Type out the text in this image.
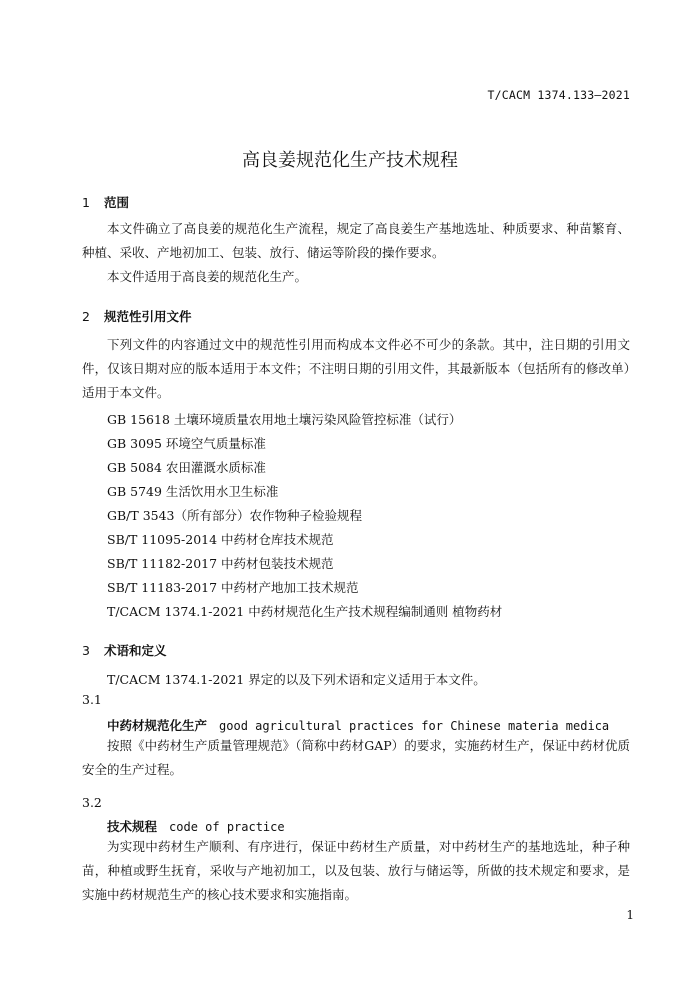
T/CACM 1374.133—2021
高良姜规范化生产技术规程
1 范围

本文件确立了高良姜的规范化生产流程，规定了高良姜生产基地选址、种质要求、种苗繁育、种植、采收、产地初加工、包装、放行、储运等阶段的操作要求。

本文件适用于高良姜的规范化生产。

2 规范性引用文件

下列文件的内容通过文中的规范性引用而构成本文件必不可少的条款。其中，注日期的引用文件，仅该日期对应的版本适用于本文件；不注明日期的引用文件，其最新版本（包括所有的修改单）适用于本文件。

GB 15618 土壤环境质量农用地土壤污染风险管控标准（试行）
GB 3095 环境空气质量标准
GB 5084 农田灌溉水质标准
GB 5749 生活饮用水卫生标准
GB/T 3543（所有部分）农作物种子检验规程
SB/T 11095-2014 中药材仓库技术规范
SB/T 11182-2017 中药材包装技术规范
SB/T 11183-2017 中药材产地加工技术规范
T/CACM 1374.1-2021 中药材规范化生产技术规程编制通则 植物药材
3 术语和定义
T/CACM 1374.1-2021 界定的以及下列术语和定义适用于本文件。
3.1
中药材规范化生产 good agricultural practices for Chinese materia medica

按照《中药材生产质量管理规范》（简称中药材GAP）的要求，实施药材生产，保证中药材优质安全的生产过程。

3.2
技术规程 code of practice

为实现中药材生产顺利、有序进行，保证中药材生产质量，对中药材生产的基地选址，种子种苗，种植或野生抚育，采收与产地初加工，以及包装、放行与储运等，所做的技术规定和要求，是实施中药材规范生产的核心技术要求和实施指南。

1
